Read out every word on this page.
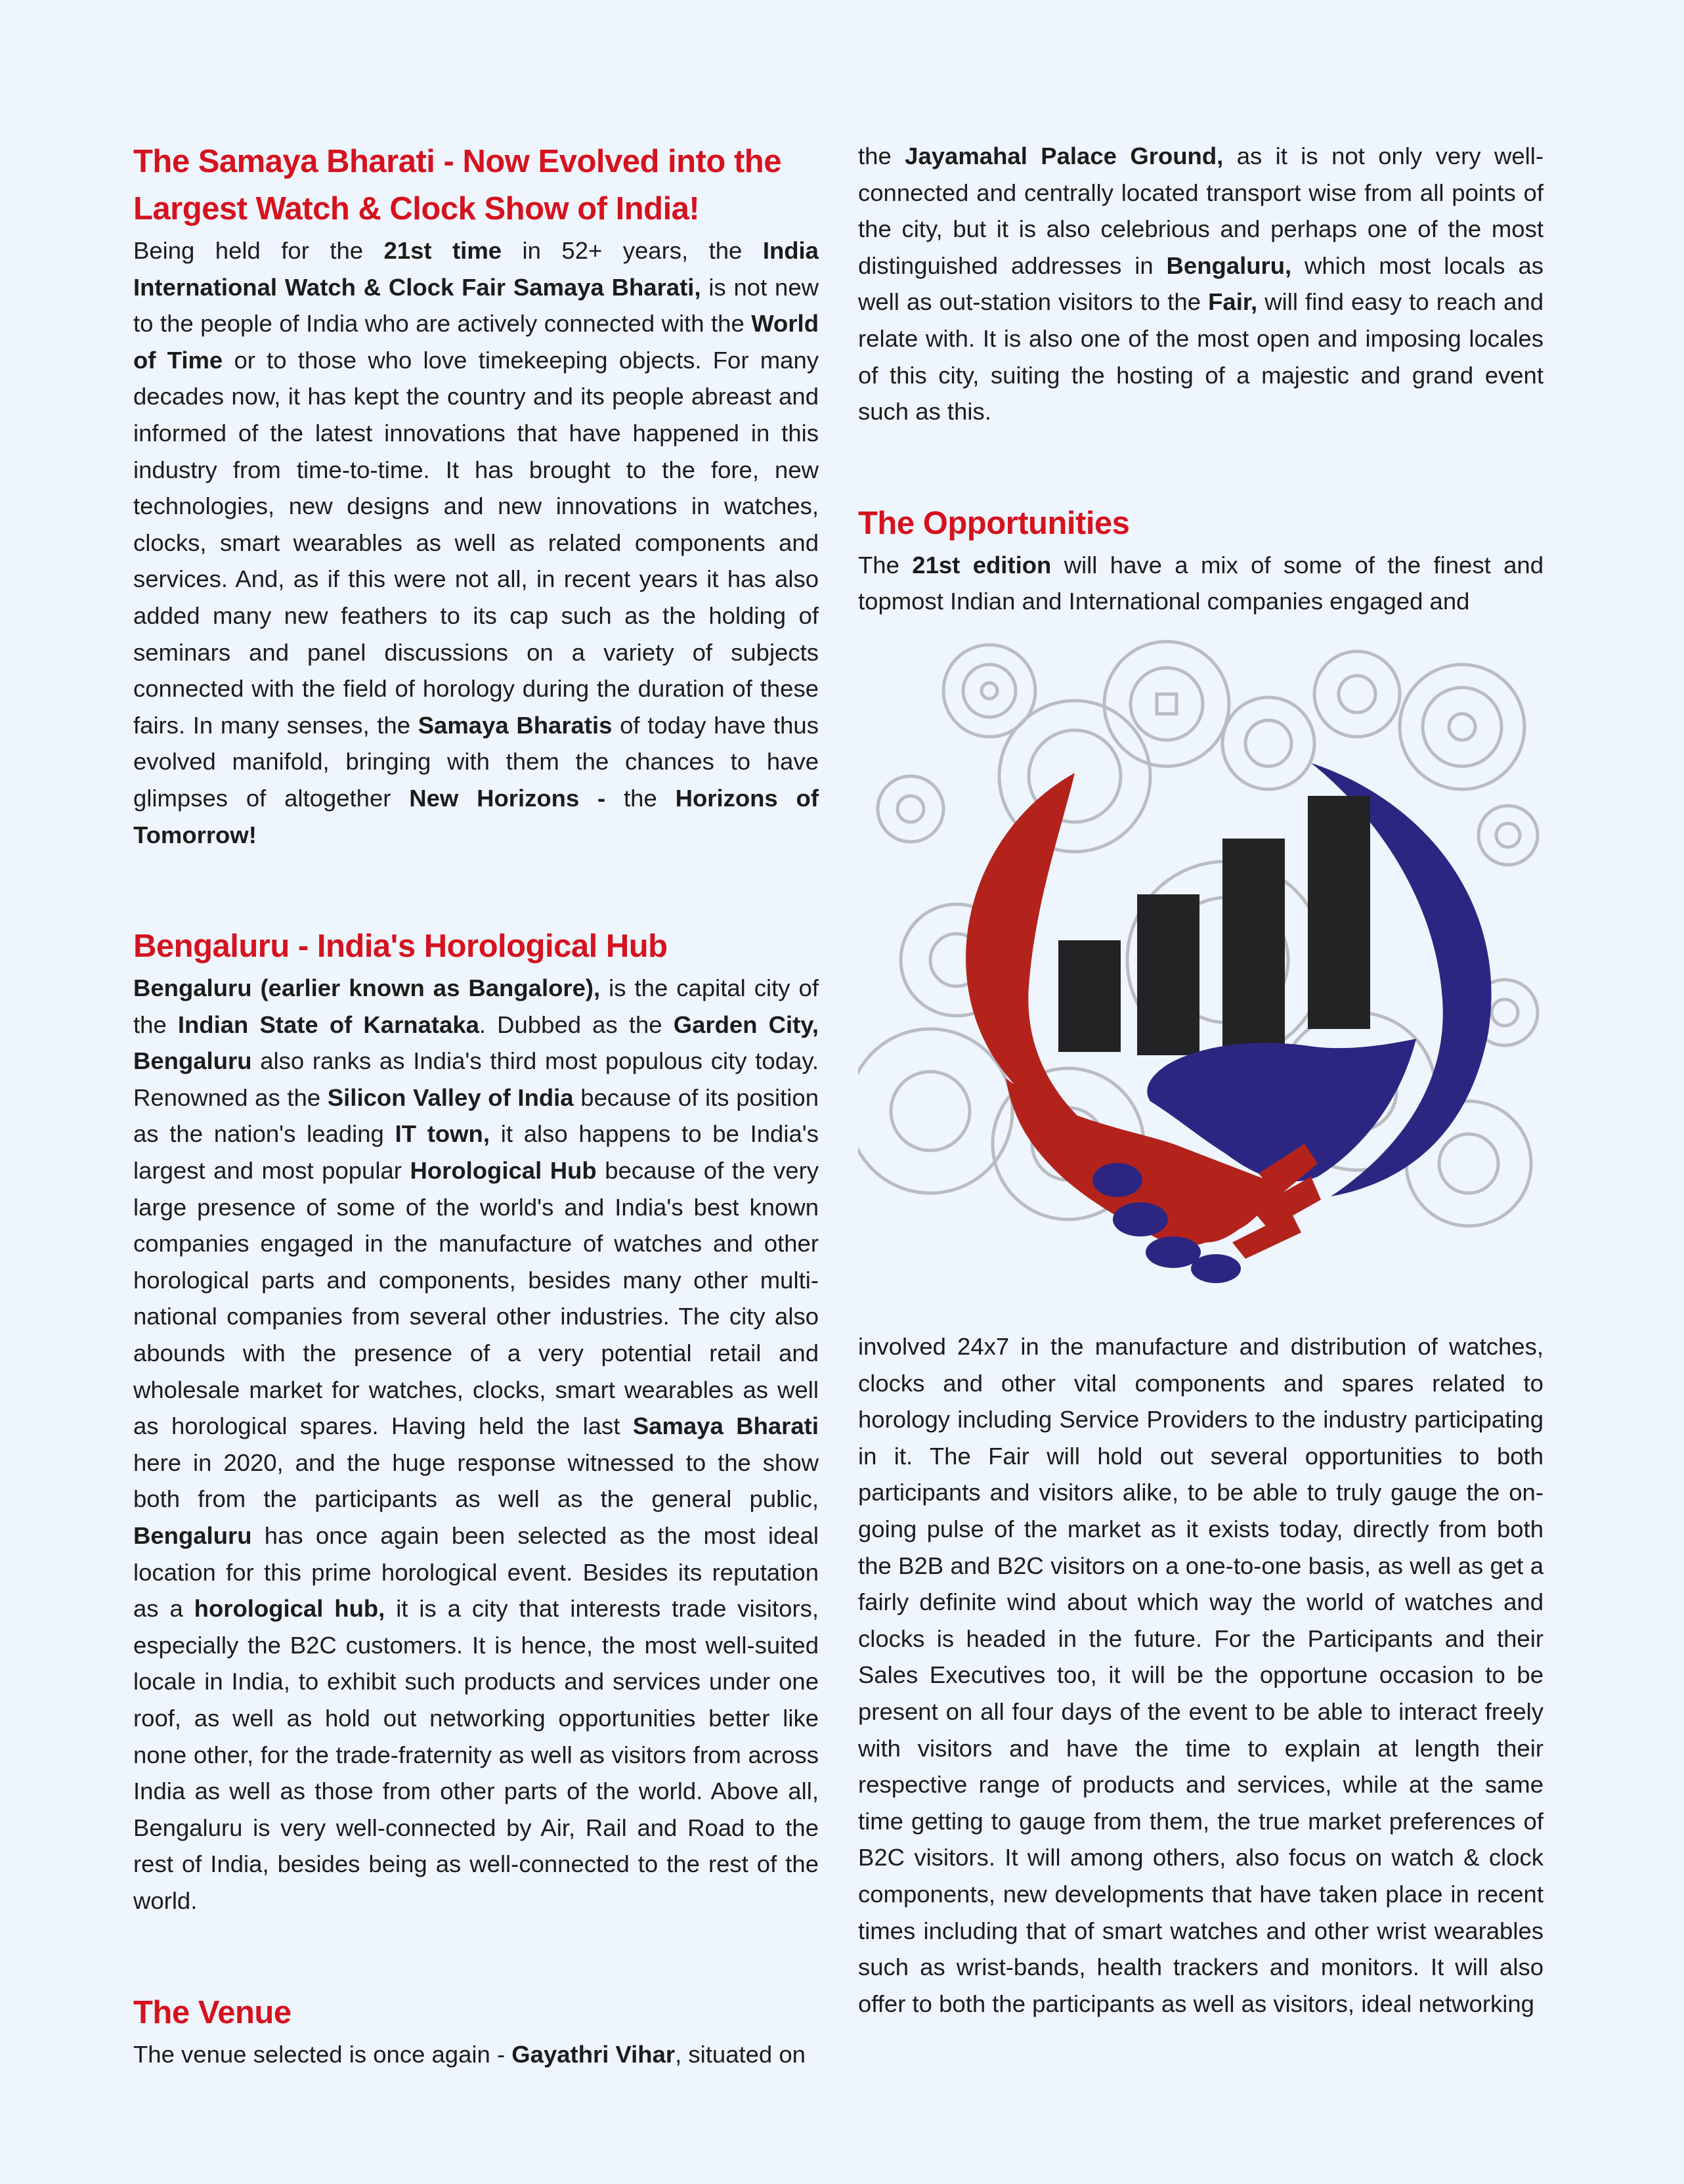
The Samaya Bharati - Now Evolved into the Largest Watch & Clock Show of India!

Being held for the 21st time in 52+ years, the India International Watch & Clock Fair Samaya Bharati, is not new to the people of India who are actively connected with the World of Time or to those who love timekeeping objects. For many decades now, it has kept the country and its people abreast and informed of the latest innovations that have happened in this industry from time-to-time. It has brought to the fore, new technologies, new designs and new innovations in watches, clocks, smart wearables as well as related components and services. And, as if this were not all, in recent years it has also added many new feathers to its cap such as the holding of seminars and panel discussions on a variety of subjects connected with the field of horology during the duration of these fairs. In many senses, the Samaya Bharatis of today have thus evolved manifold, bringing with them the chances to have glimpses of altogether New Horizons - the Horizons of Tomorrow!

Bengaluru - India's Horological Hub

Bengaluru (earlier known as Bangalore), is the capital city of the Indian State of Karnataka. Dubbed as the Garden City, Bengaluru also ranks as India's third most populous city today. Renowned as the Silicon Valley of India because of its position as the nation's leading IT town, it also happens to be India's largest and most popular Horological Hub because of the very large presence of some of the world's and India's best known companies engaged in the manufacture of watches and other horological parts and components, besides many other multi-national companies from several other industries. The city also abounds with the presence of a very potential retail and wholesale market for watches, clocks, smart wearables as well as horological spares. Having held the last Samaya Bharati here in 2020, and the huge response witnessed to the show both from the participants as well as the general public, Bengaluru has once again been selected as the most ideal location for this prime horological event. Besides its reputation as a horological hub, it is a city that interests trade visitors, especially the B2C customers. It is hence, the most well-suited locale in India, to exhibit such products and services under one roof, as well as hold out networking opportunities better like none other, for the trade-fraternity as well as visitors from across India as well as those from other parts of the world. Above all, Bengaluru is very well-connected by Air, Rail and Road to the rest of India, besides being as well-connected to the rest of the world.

The Venue

The venue selected is once again - Gayathri Vihar, situated on

the Jayamahal Palace Ground, as it is not only very well-connected and centrally located transport wise from all points of the city, but it is also celebrious and perhaps one of the most distinguished addresses in Bengaluru, which most locals as well as out-station visitors to the Fair, will find easy to reach and relate with. It is also one of the most open and imposing locales of this city, suiting the hosting of a majestic and grand event such as this.

The Opportunities

The 21st edition will have a mix of some of the finest and topmost Indian and International companies engaged and

involved 24x7 in the manufacture and distribution of watches, clocks and other vital components and spares related to horology including Service Providers to the industry participating in it. The Fair will hold out several opportunities to both participants and visitors alike, to be able to truly gauge the on-going pulse of the market as it exists today, directly from both the B2B and B2C visitors on a one-to-one basis, as well as get a fairly definite wind about which way the world of watches and clocks is headed in the future. For the Participants and their Sales Executives too, it will be the opportune occasion to be present on all four days of the event to be able to interact freely with visitors and have the time to explain at length their respective range of products and services, while at the same time getting to gauge from them, the true market preferences of B2C visitors. It will among others, also focus on watch & clock components, new developments that have taken place in recent times including that of smart watches and other wrist wearables such as wrist-bands, health trackers and monitors. It will also offer to both the participants as well as visitors, ideal networking
